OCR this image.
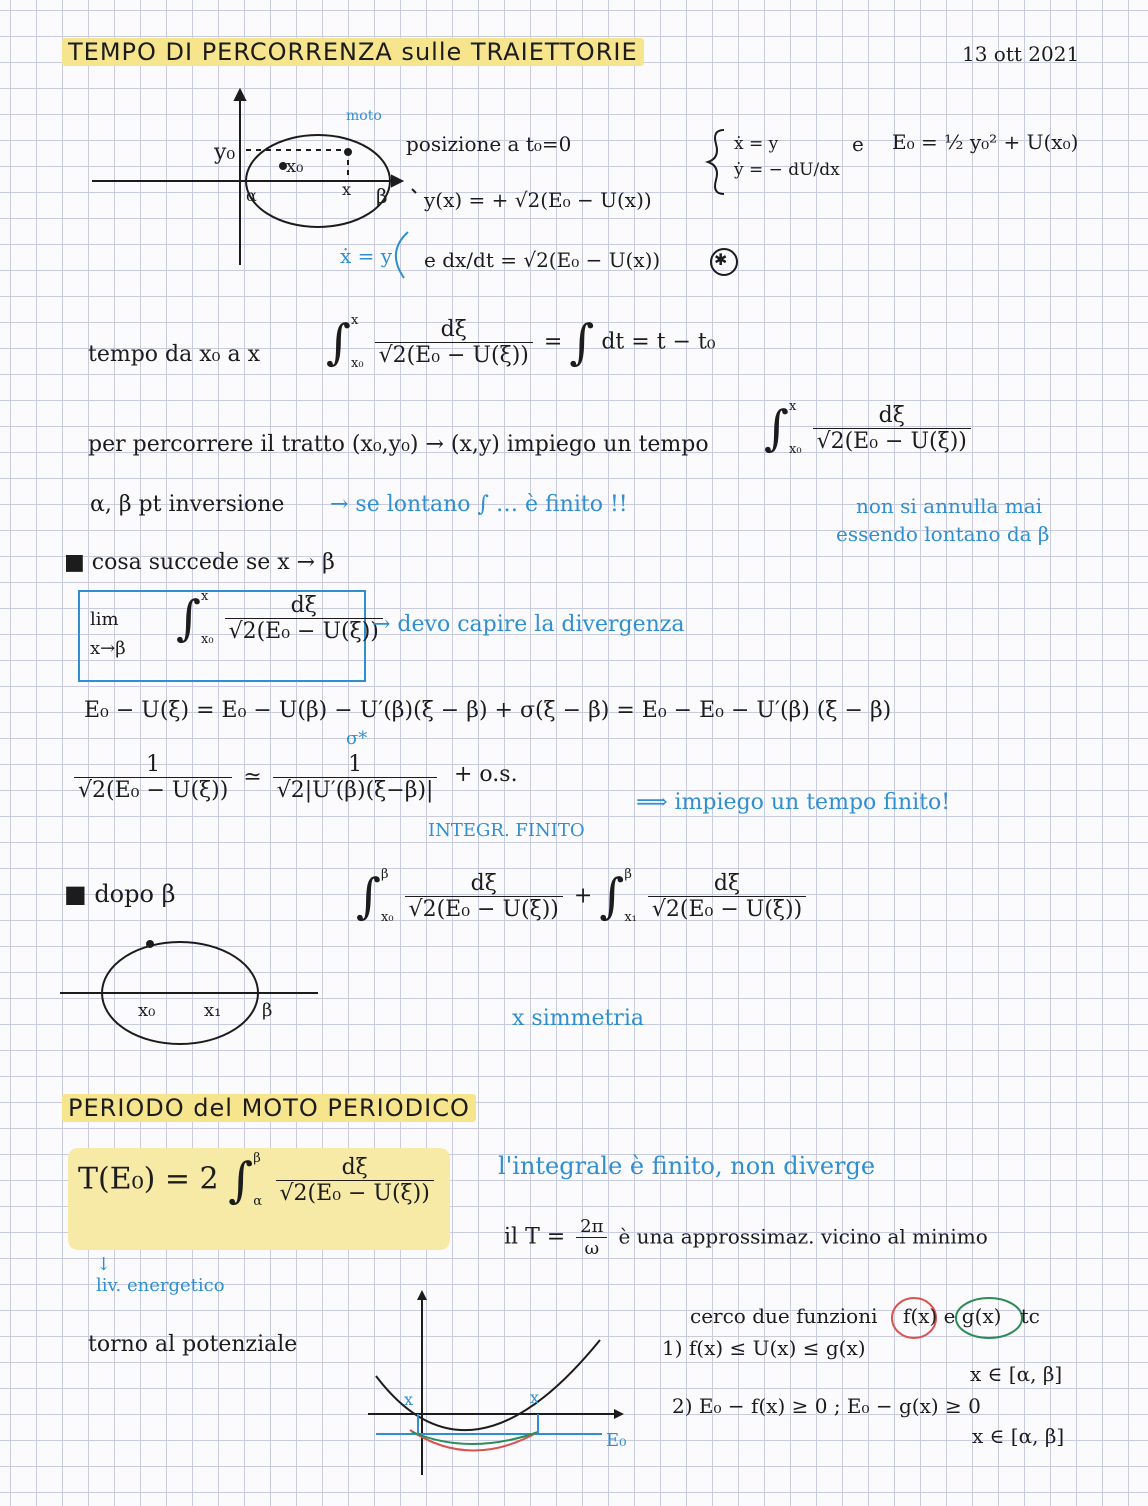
TEMPO DI PERCORRENZA sulle TRAIETTORIE	13 ott 2021
y₀
x₀
x
α	β
moto
posizione a t₀=0
y(x) = + √2(E₀ − U(x))
ẋ = y
ẏ = − dU/dx
e E₀ = ½ y₀² + U(x₀)
ẋ = y e dx/dt = √2(E₀ − U(x))	✱
tempo da x₀ a x ∫x

$x_0 \frac{d\xi}{\text{√2(E₀ − U(ξ))}}$ = ∫ dt = t − t₀
per percorrere il tratto (x₀,y₀) → (x,y) impiego un tempo ∫x

$x_0 \frac{d\xi}{\text{√2(E₀ − U(ξ))}}$
α, β pt inversione → se lontano ∫ … è finito !!	non si annulla mai
essendo lontano da β
■ cosa succede se x → β
lim
x→β
∫x

$x_0 \frac{d\xi}{\text{√2(E₀ − U(ξ))}}$
→ devo capire la divergenza
E₀ − U(ξ) = E₀ − U(β) − U′(β)(ξ − β) + σ(ξ − β) = E₀ − E₀ − U′(β) (ξ − β)
σ*
$\frac{1}{\text{√2(E₀ − U(ξ))}}$ ≃ $\frac{1}{√2|U'(\beta)(\xi-\beta)|} + o.s$.
INTEGR. FINITO
⟹ impiego un tempo finito!
■ dopo β	∫β

$x_0 \frac{d\xi}{\text{√2(E₀ − U(ξ))}} + \int\beta$

$x_1 \frac{d\xi}{\text{√2(E₀ − U(ξ))}}$
x₀	x₁ β	x simmetria
PERIODO del MOTO PERIODICO
T(E₀) = 2 ∫β

α $\frac{d\xi}{\text{√2(E₀ − U(ξ))}}$
↓
liv. energetico
l'integrale è finito, non diverge
il $T = \frac{2\pi}{\omega}$ è una approssimaz. vicino al minimo
torno al potenziale
cerco due funzioni f(x) e g(x) tc
1) f(x) ≤ U(x) ≤ g(x)
x ∈ [α, β]
2) E₀ − f(x) ≥ 0 ; E₀ − g(x) ≥ 0
x ∈ [α, β]
x	x
E₀
